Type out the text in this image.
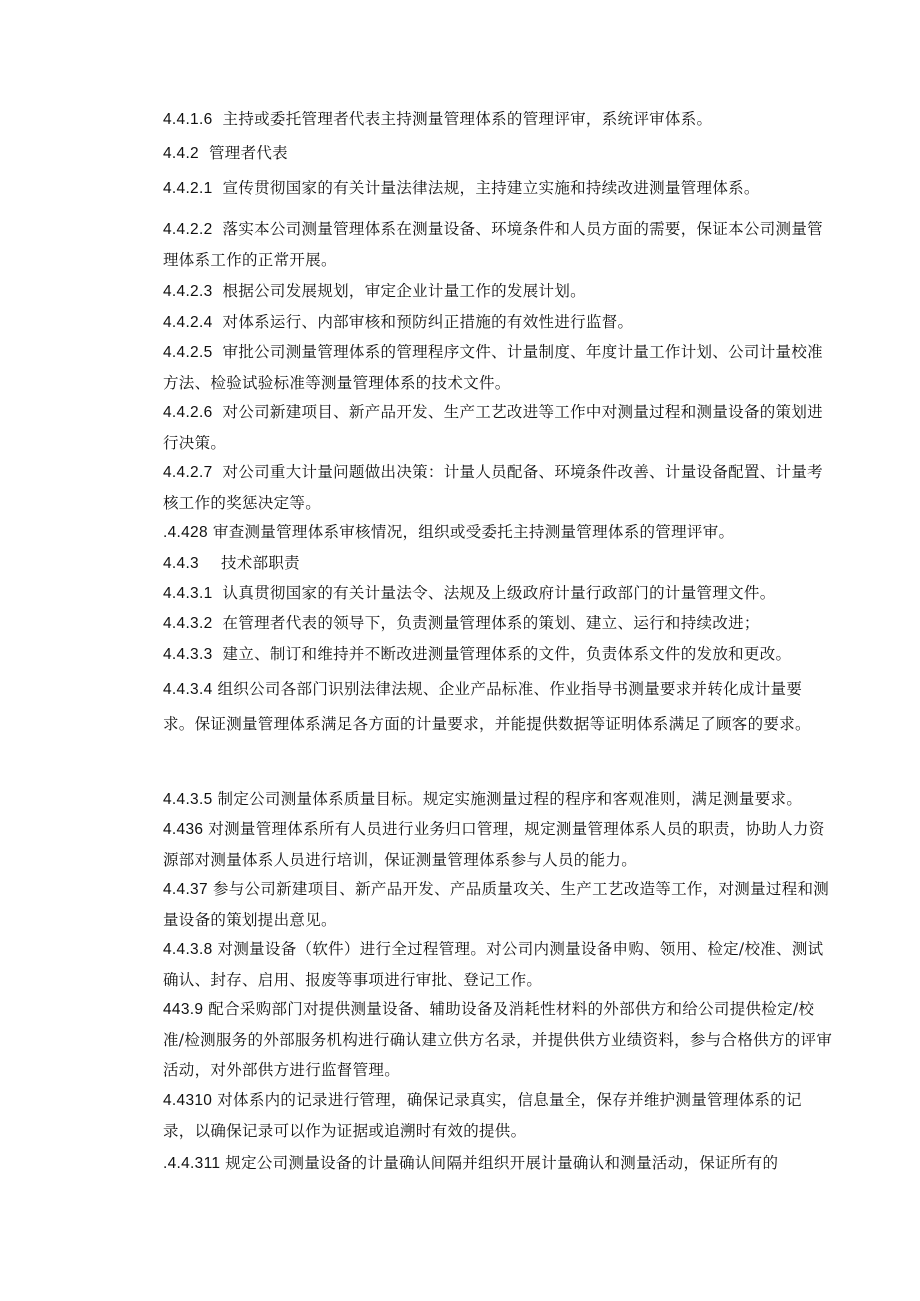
4.4.1.6 主持或委托管理者代表主持测量管理体系的管理评审，系统评审体系。
4.4.2 管理者代表
4.4.2.1 宣传贯彻国家的有关计量法律法规，主持建立实施和持续改进测量管理体系。
4.4.2.2 落实本公司测量管理体系在测量设备、环境条件和人员方面的需要，保证本公司测量管理体系工作的正常开展。
4.4.2.3 根据公司发展规划，审定企业计量工作的发展计划。
4.4.2.4 对体系运行、内部审核和预防纠正措施的有效性进行监督。
4.4.2.5 审批公司测量管理体系的管理程序文件、计量制度、年度计量工作计划、公司计量校准方法、检验试验标准等测量管理体系的技术文件。
4.4.2.6 对公司新建项目、新产品开发、生产工艺改进等工作中对测量过程和测量设备的策划进行决策。
4.4.2.7 对公司重大计量问题做出决策：计量人员配备、环境条件改善、计量设备配置、计量考核工作的奖惩决定等。
.4.428 审查测量管理体系审核情况，组织或受委托主持测量管理体系的管理评审。
4.4.3 技术部职责
4.4.3.1 认真贯彻国家的有关计量法令、法规及上级政府计量行政部门的计量管理文件。
4.4.3.2 在管理者代表的领导下，负责测量管理体系的策划、建立、运行和持续改进；
4.4.3.3 建立、制订和维持并不断改进测量管理体系的文件，负责体系文件的发放和更改。
4.4.3.4 组织公司各部门识别法律法规、企业产品标准、作业指导书测量要求并转化成计量要求。保证测量管理体系满足各方面的计量要求，并能提供数据等证明体系满足了顾客的要求。
4.4.3.5 制定公司测量体系质量目标。规定实施测量过程的程序和客观准则，满足测量要求。
4.436 对测量管理体系所有人员进行业务归口管理，规定测量管理体系人员的职责，协助人力资源部对测量体系人员进行培训，保证测量管理体系参与人员的能力。
4.4.37 参与公司新建项目、新产品开发、产品质量攻关、生产工艺改造等工作，对测量过程和测量设备的策划提出意见。
4.4.3.8 对测量设备（软件）进行全过程管理。对公司内测量设备申购、领用、检定/校准、测试确认、封存、启用、报废等事项进行审批、登记工作。
443.9 配合采购部门对提供测量设备、辅助设备及消耗性材料的外部供方和给公司提供检定/校准/检测服务的外部服务机构进行确认建立供方名录，并提供供方业绩资料，参与合格供方的评审活动，对外部供方进行监督管理。
4.4310 对体系内的记录进行管理，确保记录真实，信息量全，保存并维护测量管理体系的记录，以确保记录可以作为证据或追溯时有效的提供。
.4.4.311 规定公司测量设备的计量确认间隔并组织开展计量确认和测量活动，保证所有的
